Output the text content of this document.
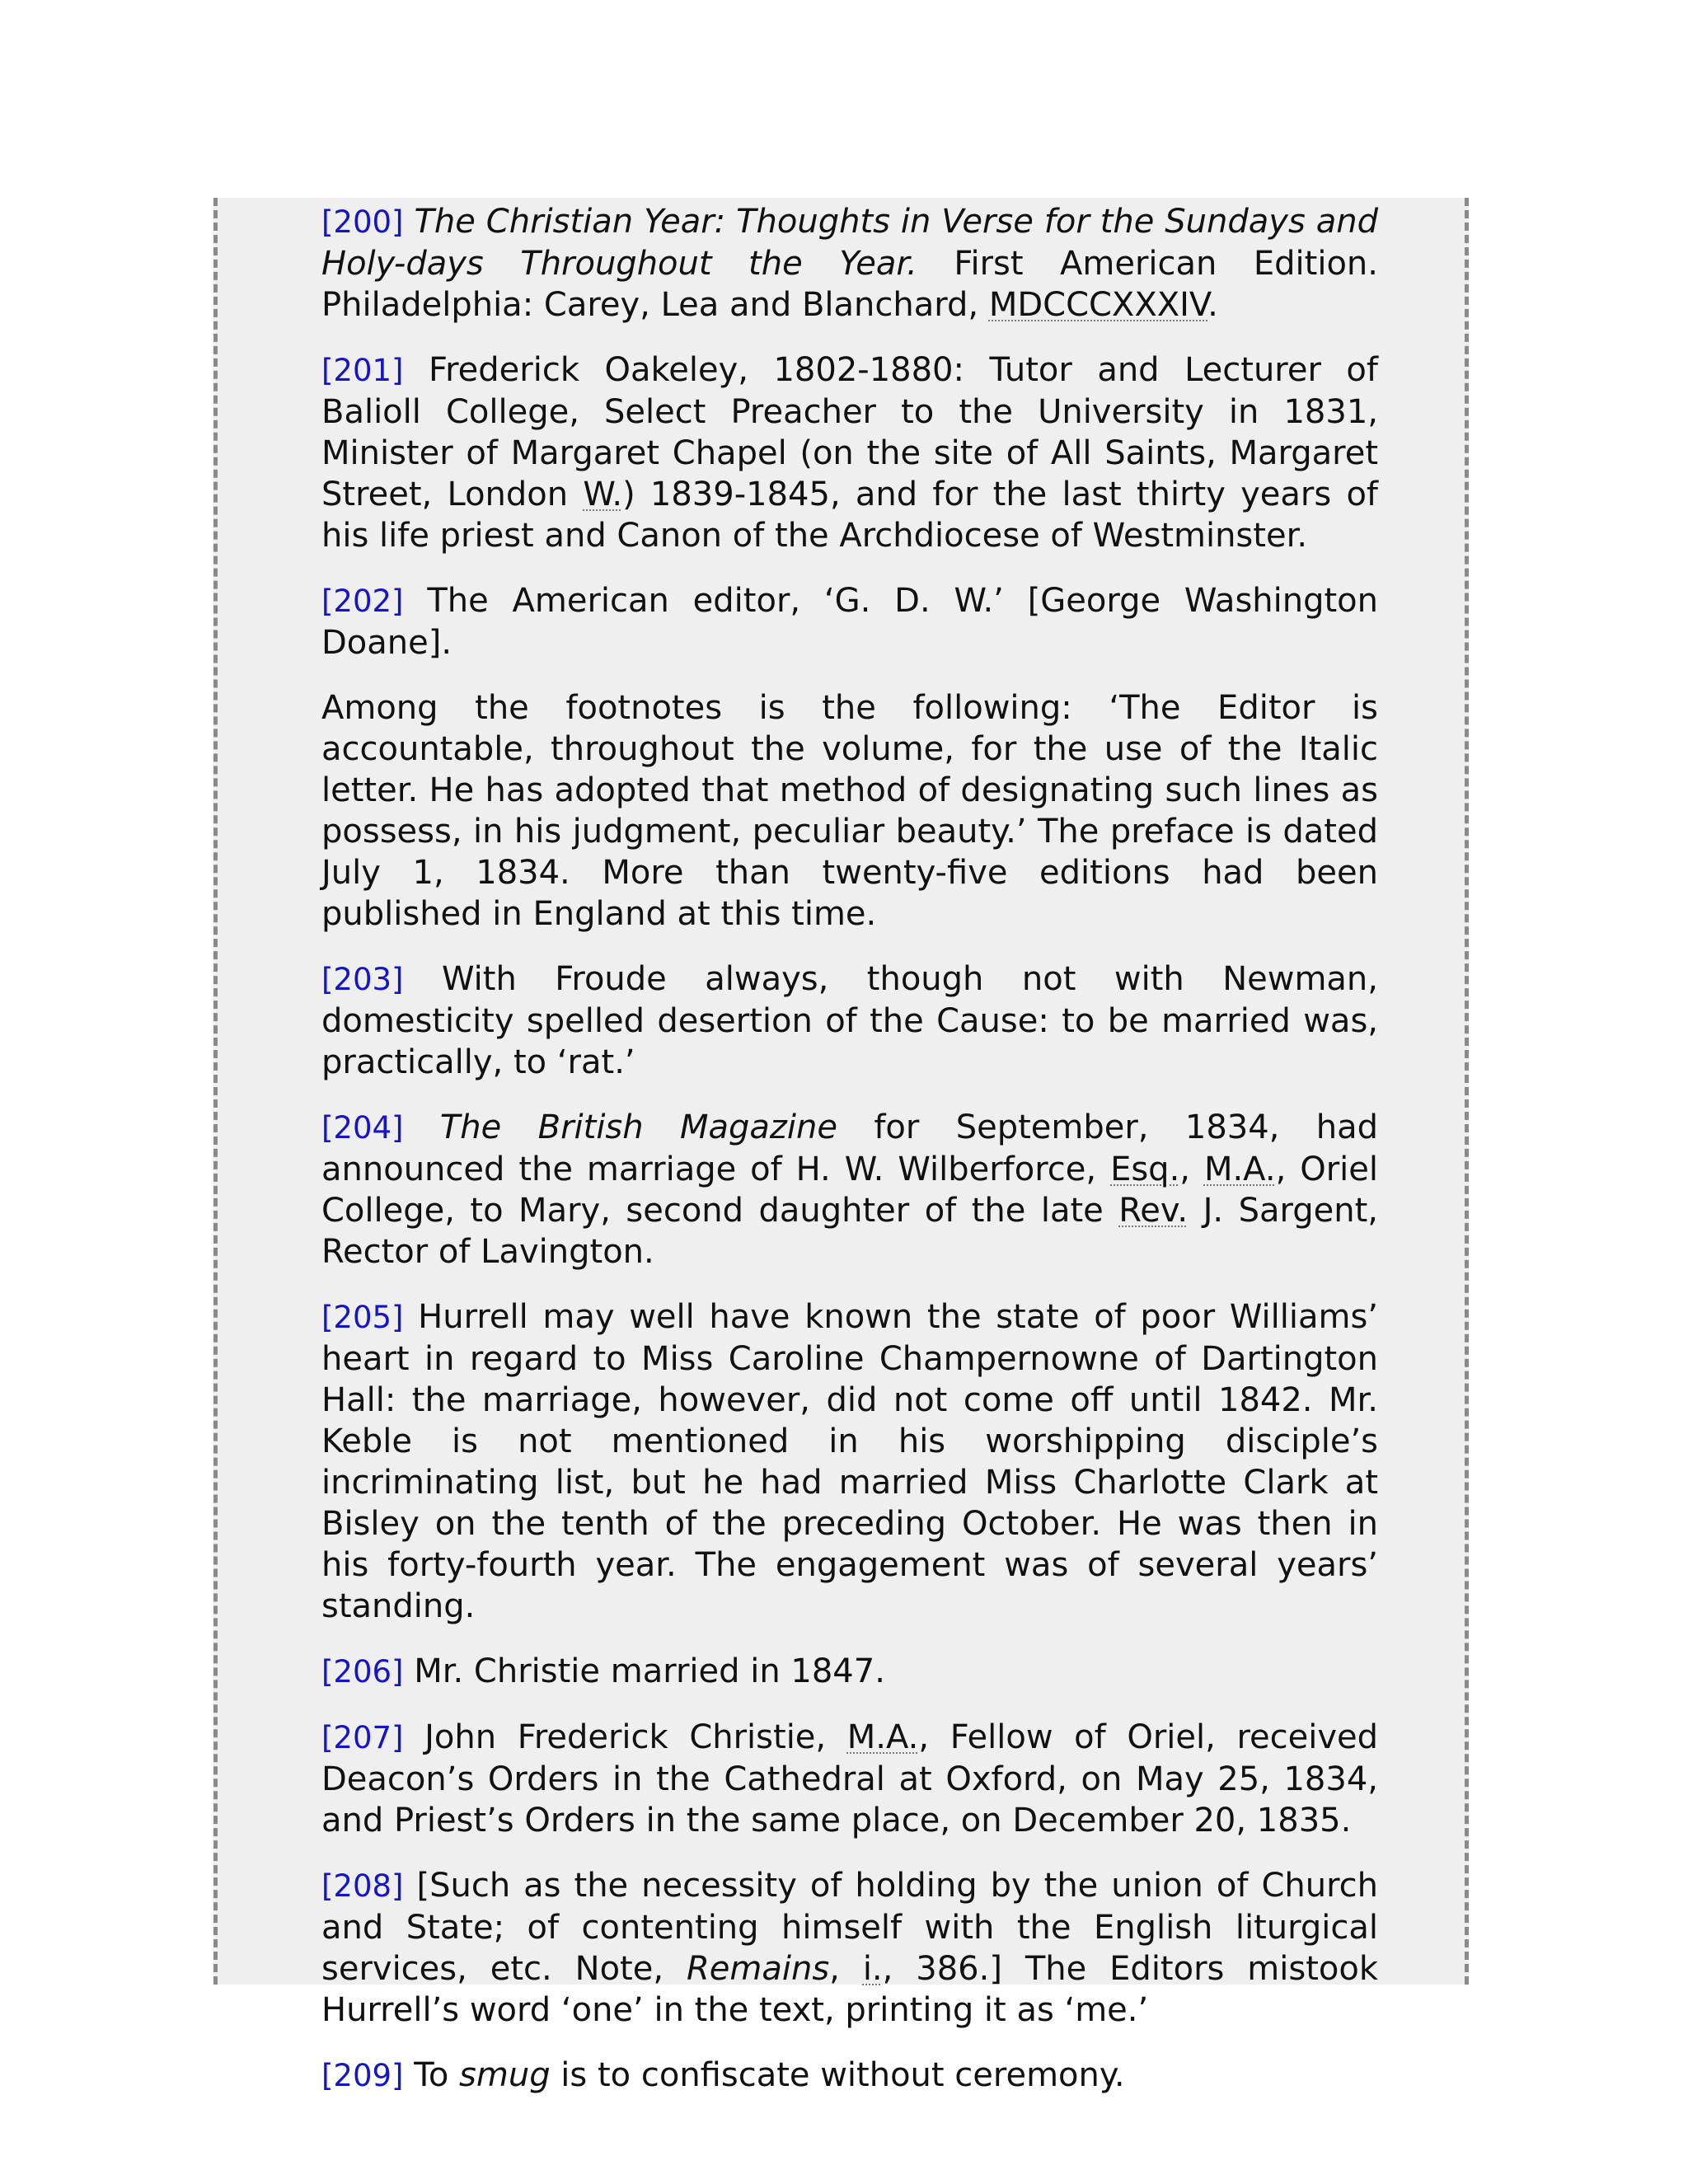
[200] The Christian Year: Thoughts in Verse for the Sundays and Holy-days Throughout the Year. First American Edition. Philadelphia: Carey, Lea and Blanchard, MDCCCXXXIV.

[201] Frederick Oakeley, 1802-1880: Tutor and Lecturer of Balioll College, Select Preacher to the University in 1831, Minister of Margaret Chapel (on the site of All Saints, Margaret Street, London W.) 1839-1845, and for the last thirty years of his life priest and Canon of the Archdiocese of Westminster.

[202] The American editor, ‘G. D. W.’ [George Washington Doane].

Among the footnotes is the following: ‘The Editor is accountable, throughout the volume, for the use of the Italic letter. He has adopted that method of designating such lines as possess, in his judgment, peculiar beauty.’ The preface is dated July 1, 1834. More than twenty-five editions had been published in England at this time.

[203] With Froude always, though not with Newman, domesticity spelled desertion of the Cause: to be married was, practically, to ‘rat.’

[204] The British Magazine for September, 1834, had announced the marriage of H. W. Wilberforce, Esq., M.A., Oriel College, to Mary, second daughter of the late Rev. J. Sargent, Rector of Lavington.

[205] Hurrell may well have known the state of poor Williams’ heart in regard to Miss Caroline Champernowne of Dartington Hall: the marriage, however, did not come off until 1842. Mr. Keble is not mentioned in his worshipping disciple’s incriminating list, but he had married Miss Charlotte Clark at Bisley on the tenth of the preceding October. He was then in his forty-fourth year. The engagement was of several years’ standing.

[206] Mr. Christie married in 1847.

[207] John Frederick Christie, M.A., Fellow of Oriel, received Deacon’s Orders in the Cathedral at Oxford, on May 25, 1834, and Priest’s Orders in the same place, on December 20, 1835.

[208] [Such as the necessity of holding by the union of Church and State; of contenting himself with the English liturgical services, etc. Note, Remains, i., 386.] The Editors mistook Hurrell’s word ‘one’ in the text, printing it as ‘me.’

[209] To smug is to confiscate without ceremony.
